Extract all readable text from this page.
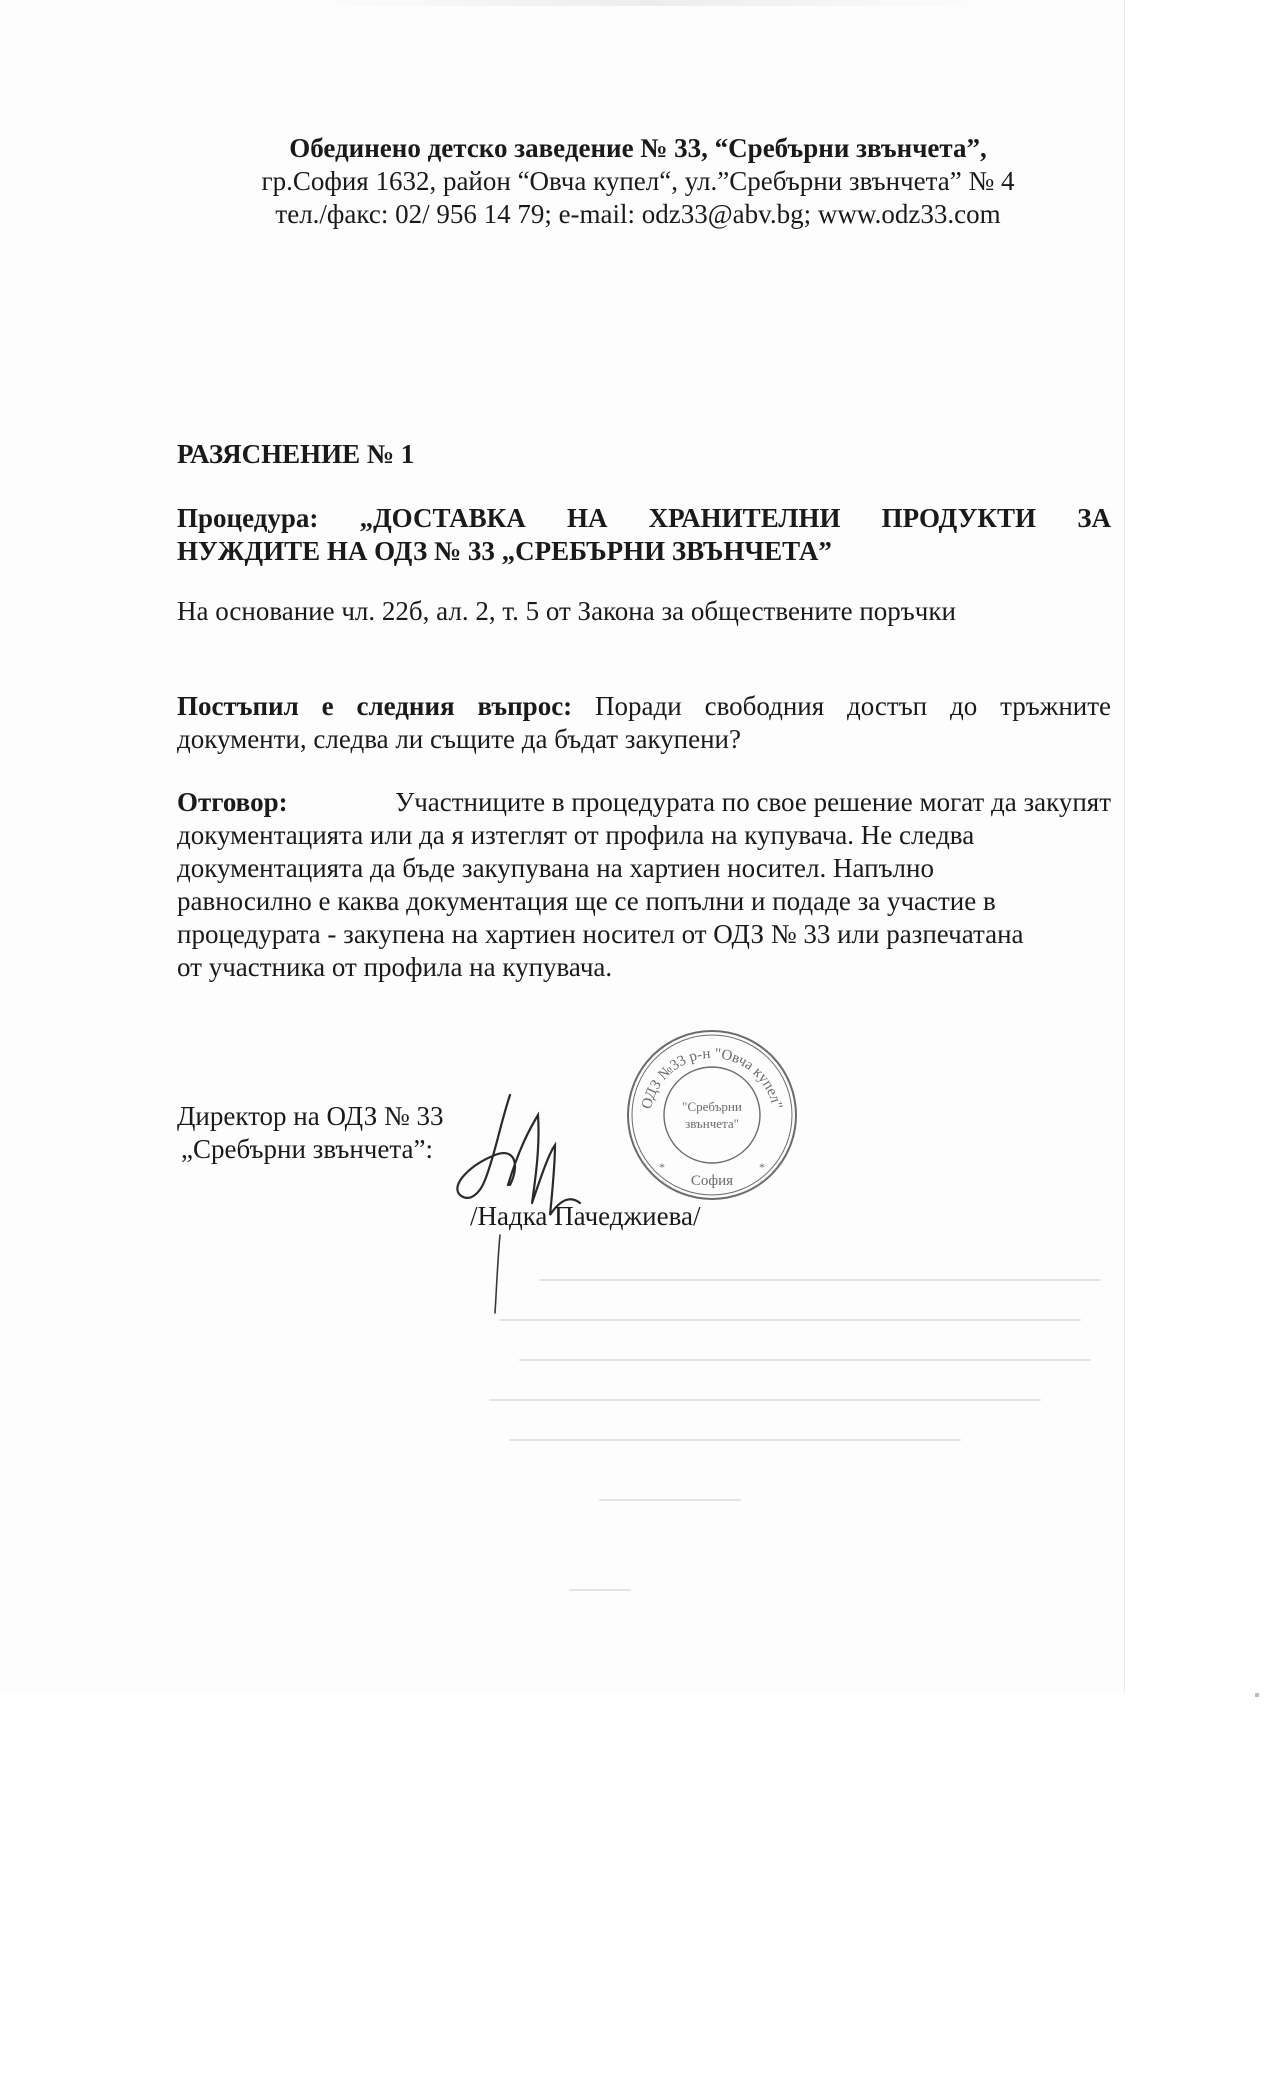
Обединено детско заведение № 33, “Сребърни звънчета”,
гр.София 1632, район “Овча купел“, ул.”Сребърни звънчета” № 4
тел./факс: 02/ 956 14 79; e-mail: odz33@abv.bg; www.odz33.com

РАЗЯСНЕНИЕ № 1

Процедура: „ДОСТАВКА НА ХРАНИТЕЛНИ ПРОДУКТИ ЗА
НУЖДИТЕ НА ОДЗ № 33 „СРЕБЪРНИ ЗВЪНЧЕТА”

На основание чл. 22б, ал. 2, т. 5 от Закона за обществените поръчки

Постъпил е следния въпрос: Поради свободния достъп до тръжните документи, следва ли същите да бъдат закупени?

Отговор:	Участниците в процедурата по свое решение могат да закупят
документацията или да я изтеглят от профила на купувача. Не следва
документацията да бъде закупувана на хартиен носител. Напълно
равносилно е каква документация ще се попълни и подаде за участие в
процедурата - закупена на хартиен носител от ОДЗ № 33 или разпечатана
от участника от профила на купувача.
Директор на ОДЗ № 33
„Сребърни звънчета”:
/Надка Пачеджиева/
ОДЗ №33 р-н "Овча купел"
"Сребърни
звънчета"
София
*	*
